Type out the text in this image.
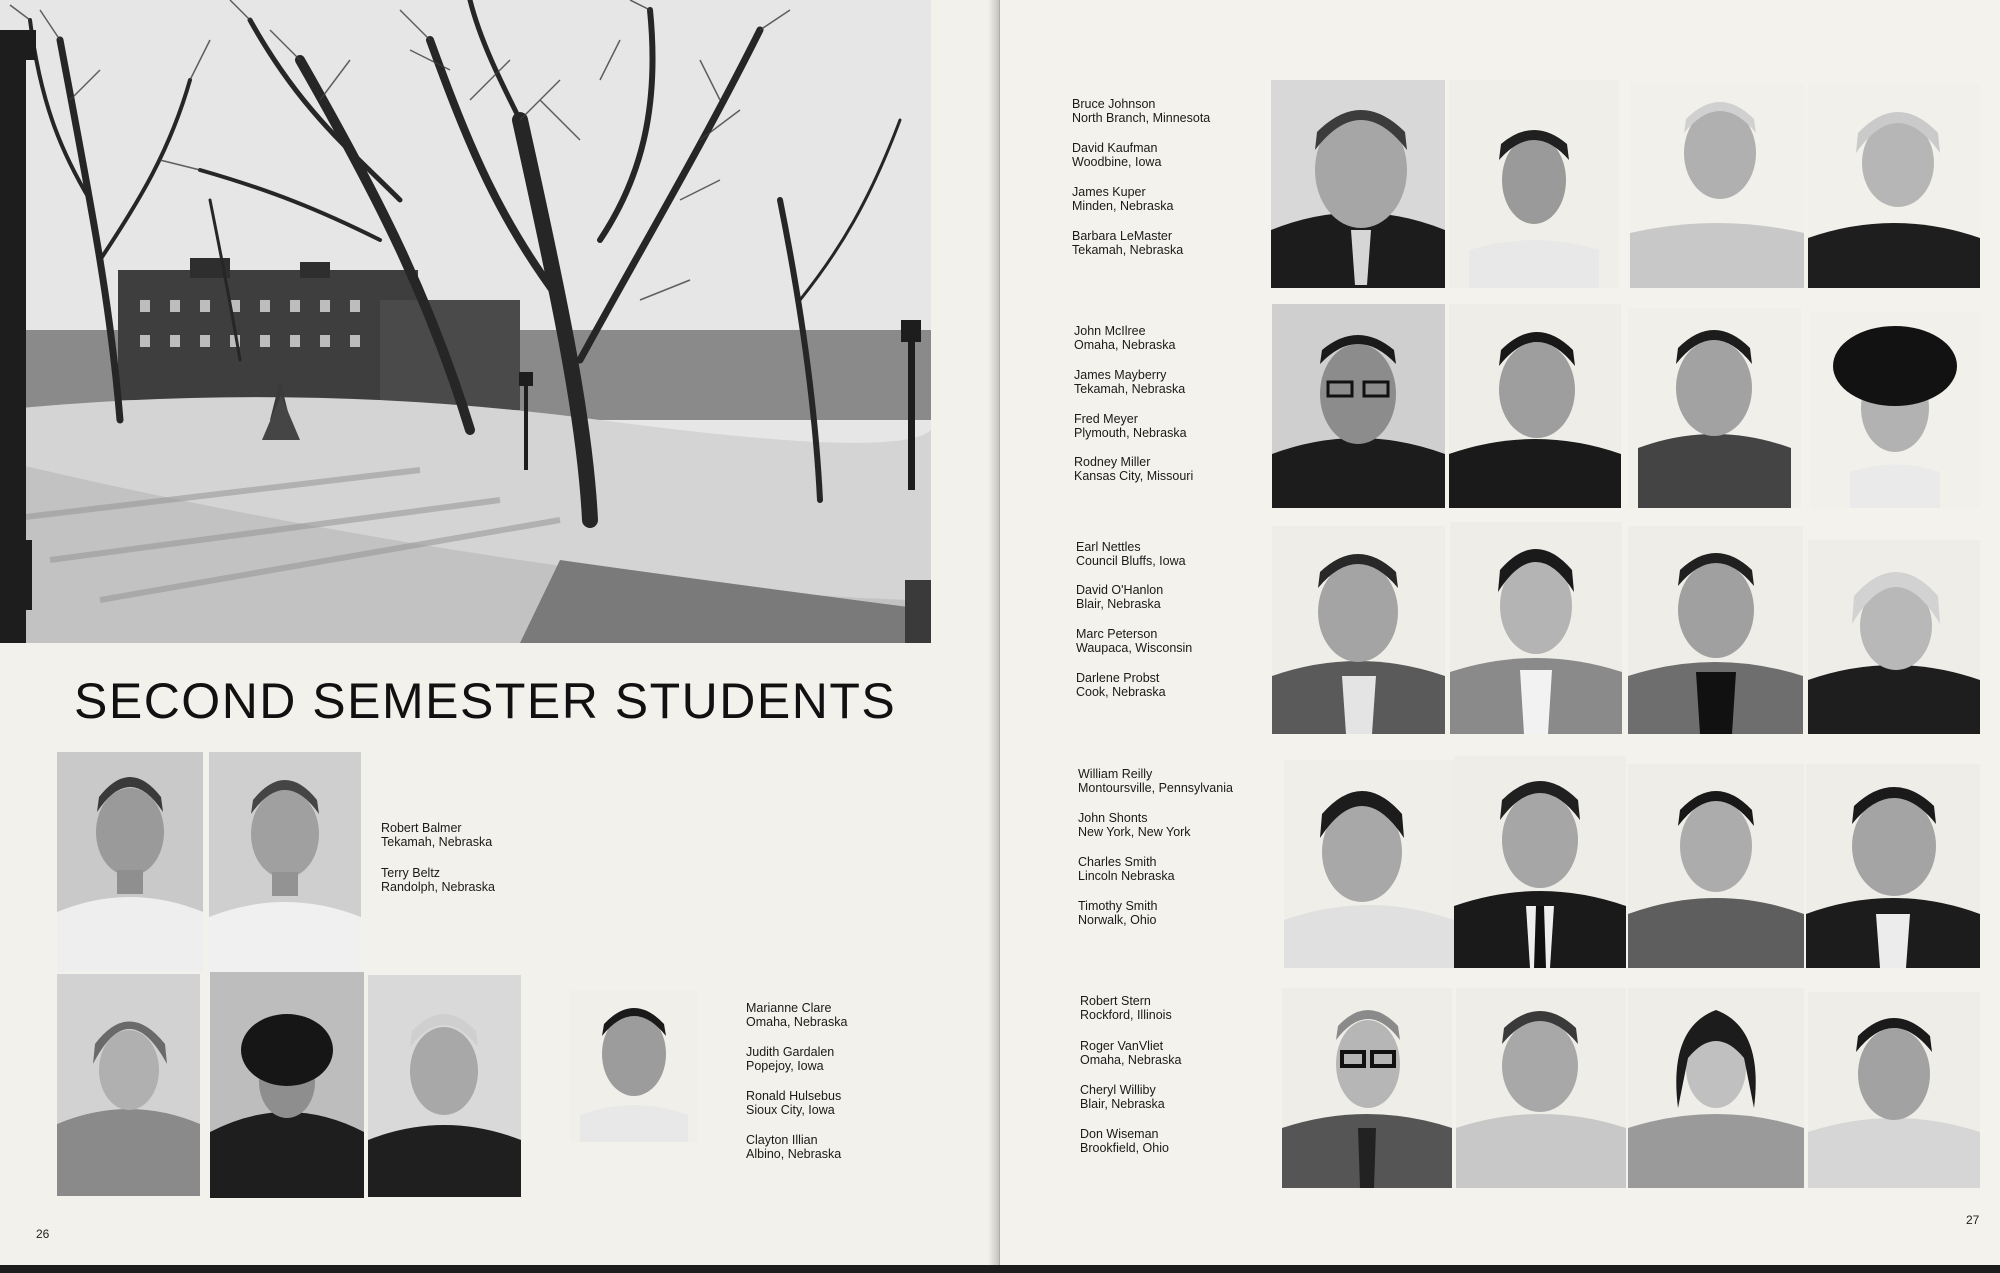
SECOND SEMESTER STUDENTS
Robert Balmer
Tekamah, Nebraska
Terry Beltz
Randolph, Nebraska
Marianne Clare
Omaha, Nebraska
Judith Gardalen
Popejoy, Iowa
Ronald Hulsebus
Sioux City, Iowa
Clayton Illian
Albino, Nebraska
26
Bruce Johnson
North Branch, Minnesota
David Kaufman
Woodbine, Iowa
James Kuper
Minden, Nebraska
Barbara LeMaster
Tekamah, Nebraska
John McIlree
Omaha, Nebraska
James Mayberry
Tekamah, Nebraska
Fred Meyer
Plymouth, Nebraska
Rodney Miller
Kansas City, Missouri
Earl Nettles
Council Bluffs, Iowa
David O'Hanlon
Blair, Nebraska
Marc Peterson
Waupaca, Wisconsin
Darlene Probst
Cook, Nebraska
William Reilly
Montoursville, Pennsylvania
John Shonts
New York, New York
Charles Smith
Lincoln Nebraska
Timothy Smith
Norwalk, Ohio
Robert Stern
Rockford, Illinois
Roger VanVliet
Omaha, Nebraska
Cheryl Williby
Blair, Nebraska
Don Wiseman
Brookfield, Ohio
27
